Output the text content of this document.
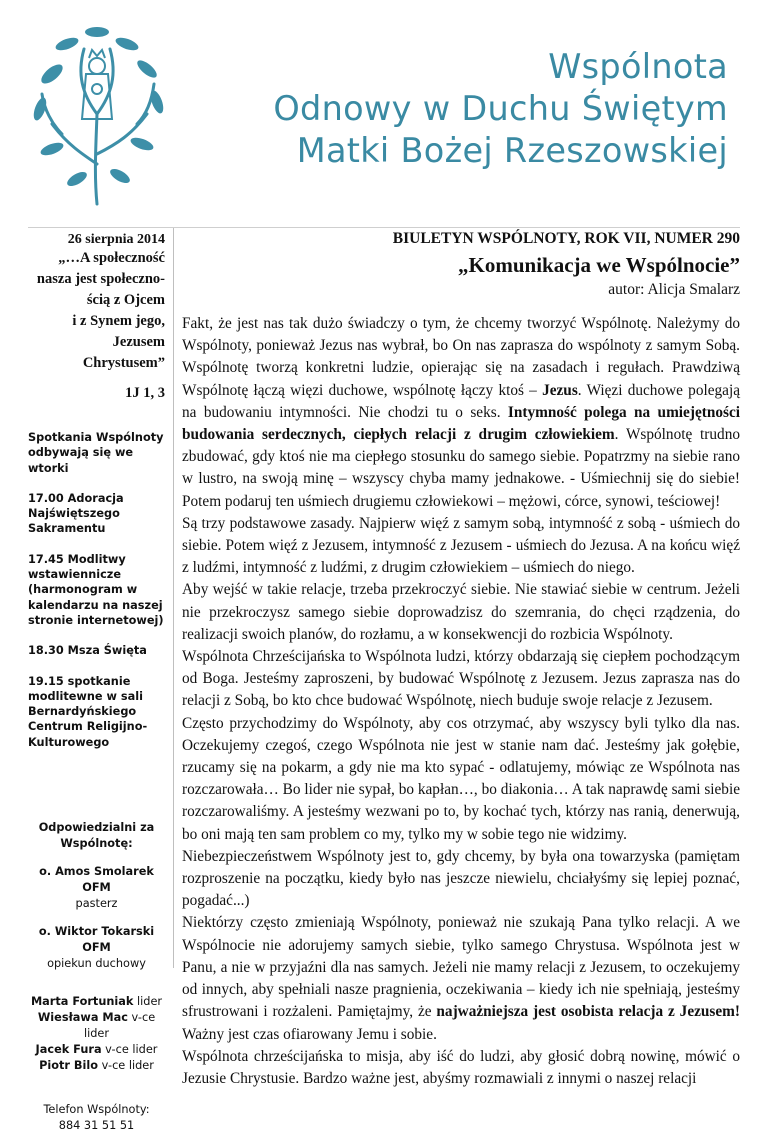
Wspólnota
Odnowy w Duchu Świętym
Matki Bożej Rzeszowskiej
26 sierpnia 2014
„…A społeczność
nasza jest społeczno-
ścią z Ojcem
i z Synem jego,
Jezusem
Chrystusem”
1J 1, 3

Spotkania Wspólnoty odbywają się we wtorki

17.00 Adoracja Najświętszego Sakramentu

17.45 Modlitwy wstawiennicze (harmonogram w kalendarzu na naszej stronie internetowej)

18.30 Msza Święta

19.15 spotkanie modlitewne w sali Bernardyńskiego Centrum Religijno-Kulturowego

Odpowiedzialni za Wspólnotę:

o. Amos Smolarek OFM
pasterz

o. Wiktor Tokarski OFM
opiekun duchowy

Marta Fortuniak lider
Wiesława Mac v-ce lider
Jacek Fura v-ce lider
Piotr Bilo v-ce lider

Telefon Wspólnoty:
884 31 51 51

BIULETYN WSPÓLNOTY, ROK VII, NUMER 290
„Komunikacja we Wspólnocie”
autor: Alicja Smalarz

Fakt, że jest nas tak dużo świadczy o tym, że chcemy tworzyć Wspólnotę. Należymy do Wspólnoty, ponieważ Jezus nas wybrał, bo On nas zaprasza do wspólnoty z samym Sobą. Wspólnotę tworzą konkretni ludzie, opierając się na zasadach i regułach. Prawdziwą Wspólnotę łączą więzi duchowe, wspólnotę łączy ktoś – Jezus. Więzi duchowe polegają na budowaniu intymności. Nie chodzi tu o seks. Intymność polega na umiejętności budowania serdecznych, ciepłych relacji z drugim człowiekiem. Wspólnotę trudno zbudować, gdy ktoś nie ma ciepłego stosunku do samego siebie. Popatrzmy na siebie rano w lustro, na swoją minę – wszyscy chyba mamy jednakowe. - Uśmiechnij się do siebie! Potem podaruj ten uśmiech drugiemu człowiekowi – mężowi, córce, synowi, teściowej!

Są trzy podstawowe zasady. Najpierw więź z samym sobą, intymność z sobą - uśmiech do siebie. Potem więź z Jezusem, intymność z Jezusem - uśmiech do Jezusa. A na końcu więź z ludźmi, intymność z ludźmi, z drugim człowiekiem – uśmiech do niego.

Aby wejść w takie relacje, trzeba przekroczyć siebie. Nie stawiać siebie w centrum. Jeżeli nie przekroczysz samego siebie doprowadzisz do szemrania, do chęci rządzenia, do realizacji swoich planów, do rozłamu, a w konsekwencji do rozbicia Wspólnoty.

Wspólnota Chrześcijańska to Wspólnota ludzi, którzy obdarzają się ciepłem pochodzącym od Boga. Jesteśmy zaproszeni, by budować Wspólnotę z Jezusem. Jezus zaprasza nas do relacji z Sobą, bo kto chce budować Wspólnotę, niech buduje swoje relacje z Jezusem.

Często przychodzimy do Wspólnoty, aby cos otrzymać, aby wszyscy byli tylko dla nas. Oczekujemy czegoś, czego Wspólnota nie jest w stanie nam dać. Jesteśmy jak gołębie, rzucamy się na pokarm, a gdy nie ma kto sypać - odlatujemy, mówiąc ze Wspólnota nas rozczarowała… Bo lider nie sypał, bo kapłan…, bo diakonia… A tak naprawdę sami siebie rozczarowaliśmy. A jesteśmy wezwani po to, by kochać tych, którzy nas ranią, denerwują, bo oni mają ten sam problem co my, tylko my w sobie tego nie widzimy.

Niebezpieczeństwem Wspólnoty jest to, gdy chcemy, by była ona towarzyska (pamiętam rozproszenie na początku, kiedy było nas jeszcze niewielu, chciałyśmy się lepiej poznać, pogadać...)

Niektórzy często zmieniają Wspólnoty, ponieważ nie szukają Pana tylko relacji. A we Wspólnocie nie adorujemy samych siebie, tylko samego Chrystusa. Wspólnota jest w Panu, a nie w przyjaźni dla nas samych. Jeżeli nie mamy relacji z Jezusem, to oczekujemy od innych, aby spełniali nasze pragnienia, oczekiwania – kiedy ich nie spełniają, jesteśmy sfrustrowani i rozżaleni. Pamiętajmy, że najważniejsza jest osobista relacja z Jezusem! Ważny jest czas ofiarowany Jemu i sobie.

Wspólnota chrześcijańska to misja, aby iść do ludzi, aby głosić dobrą nowinę, mówić o Jezusie Chrystusie. Bardzo ważne jest, abyśmy rozmawiali z innymi o naszej relacji
